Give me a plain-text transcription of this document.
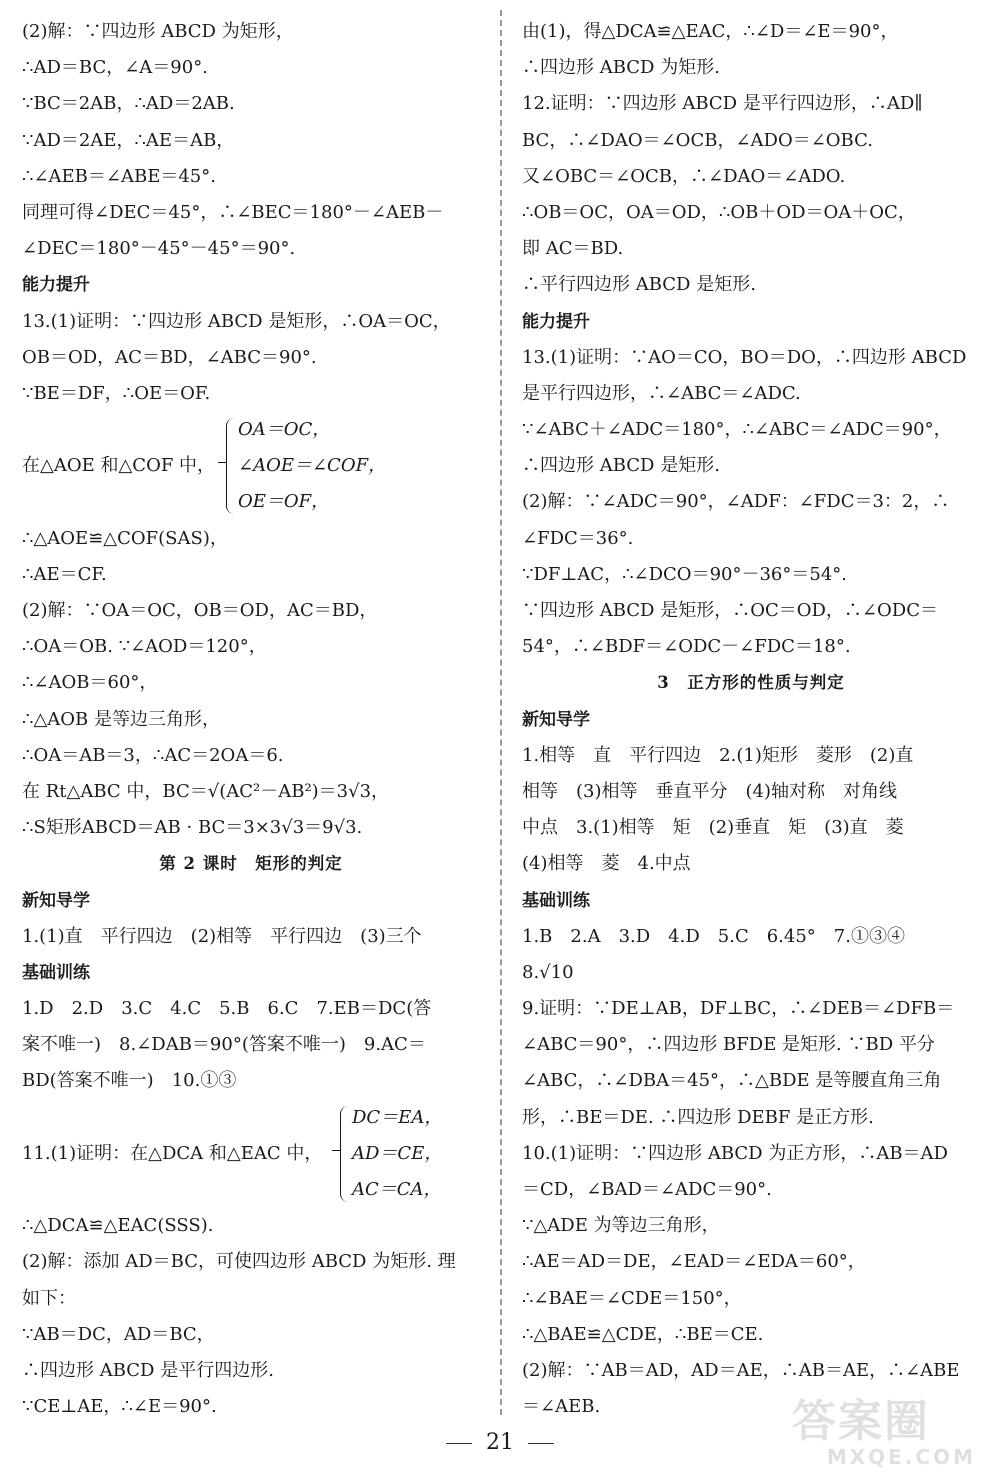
(2)解：∵四边形 ABCD 为矩形，
∴AD＝BC，∠A＝90°.
∵BC＝2AB，∴AD＝2AB.
∵AD＝2AE，∴AE＝AB，
∴∠AEB＝∠ABE＝45°.
同理可得∠DEC＝45°，∴∠BEC＝180°－∠AEB－
∠DEC＝180°－45°－45°＝90°.
能力提升
13.(1)证明：∵四边形 ABCD 是矩形，∴OA＝OC，
OB＝OD，AC＝BD，∠ABC＝90°.
∵BE＝DF，∴OE＝OF.
在△AOE 和△COF 中，
OA＝OC，
∠AOE＝∠COF，
OE＝OF，
∴△AOE≌△COF(SAS)，
∴AE＝CF.
(2)解：∵OA＝OC，OB＝OD，AC＝BD，
∴OA＝OB. ∵∠AOD＝120°，
∴∠AOB＝60°，
∴△AOB 是等边三角形，
∴OA＝AB＝3，∴AC＝2OA＝6.
在 Rt△ABC 中，BC＝√(AC²－AB²)＝3√3，
∴S矩形ABCD＝AB · BC＝3×3√3＝9√3.
第 2 课时　矩形的判定
新知导学
1.(1)直　平行四边　(2)相等　平行四边　(3)三个
基础训练
1.D　2.D　3.C　4.C　5.B　6.C　7.EB＝DC(答
案不唯一)　8.∠DAB＝90°(答案不唯一)　9.AC＝
BD(答案不唯一)　10.①③
11.(1)证明：在△DCA 和△EAC 中，
DC＝EA，
AD＝CE，
AC＝CA，
∴△DCA≌△EAC(SSS).
(2)解：添加 AD＝BC，可使四边形 ABCD 为矩形. 理
如下：
∵AB＝DC，AD＝BC，
∴四边形 ABCD 是平行四边形.
∵CE⊥AE，∴∠E＝90°.
由(1)，得△DCA≌△EAC，∴∠D＝∠E＝90°，
∴四边形 ABCD 为矩形.
12.证明：∵四边形 ABCD 是平行四边形，∴AD∥
BC，∴∠DAO＝∠OCB，∠ADO＝∠OBC.
又∠OBC＝∠OCB，∴∠DAO＝∠ADO.
∴OB＝OC，OA＝OD，∴OB＋OD＝OA＋OC，
即 AC＝BD.
∴平行四边形 ABCD 是矩形.
能力提升
13.(1)证明：∵AO＝CO，BO＝DO，∴四边形 ABCD
是平行四边形，∴∠ABC＝∠ADC.
∵∠ABC＋∠ADC＝180°，∴∠ABC＝∠ADC＝90°，
∴四边形 ABCD 是矩形.
(2)解：∵∠ADC＝90°，∠ADF：∠FDC＝3：2，∴
∠FDC＝36°.
∵DF⊥AC，∴∠DCO＝90°－36°＝54°.
∵四边形 ABCD 是矩形，∴OC＝OD，∴∠ODC＝
54°，∴∠BDF＝∠ODC－∠FDC＝18°.
3　正方形的性质与判定
新知导学
1.相等　直　平行四边　2.(1)矩形　菱形　(2)直
相等　(3)相等　垂直平分　(4)轴对称　对角线
中点　3.(1)相等　矩　(2)垂直　矩　(3)直　菱
(4)相等　菱　4.中点
基础训练
1.B　2.A　3.D　4.D　5.C　6.45°　7.①③④
8.√10
9.证明：∵DE⊥AB，DF⊥BC，∴∠DEB＝∠DFB＝
∠ABC＝90°，∴四边形 BFDE 是矩形. ∵BD 平分
∠ABC，∴∠DBA＝45°，∴△BDE 是等腰直角三角
形，∴BE＝DE. ∴四边形 DEBF 是正方形.
10.(1)证明：∵四边形 ABCD 为正方形，∴AB＝AD
＝CD，∠BAD＝∠ADC＝90°.
∵△ADE 为等边三角形，
∴AE＝AD＝DE，∠EAD＝∠EDA＝60°，
∴∠BAE＝∠CDE＝150°，
∴△BAE≌△CDE，∴BE＝CE.
(2)解：∵AB＝AD，AD＝AE，∴AB＝AE，∴∠ABE
＝∠AEB.
21	答案圈
MXQE.COM
